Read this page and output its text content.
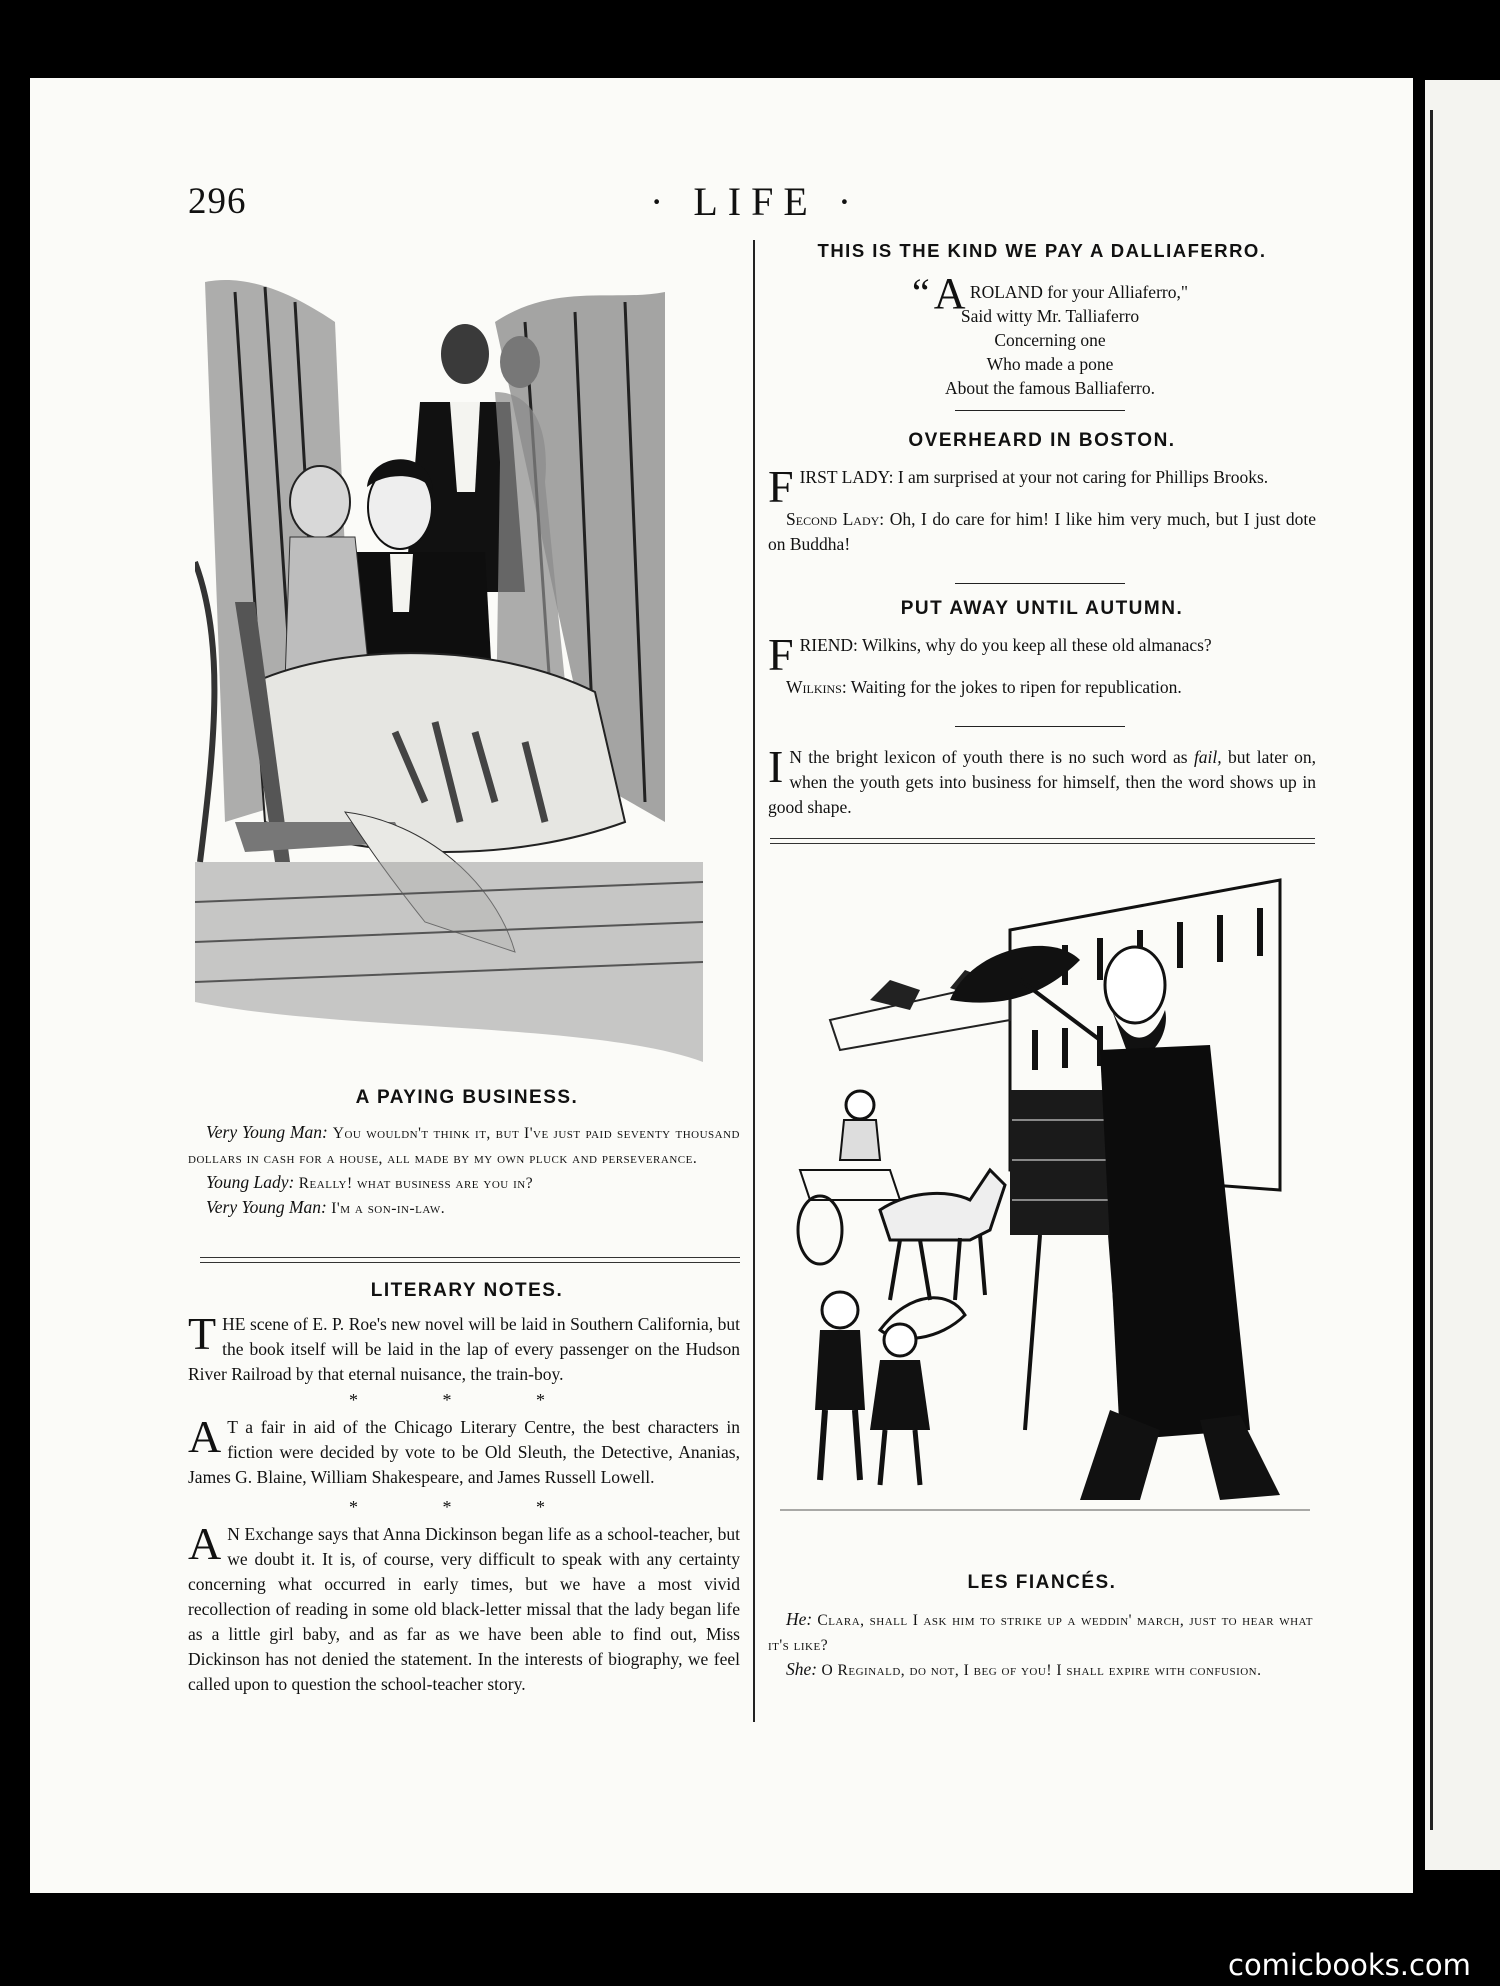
296	· LIFE ·
A PAYING BUSINESS.
Very Young Man: You wouldn't think it, but I've just paid seventy thousand dollars in cash for a house, all made by my own pluck and perseverance.
Young Lady: Really! what business are you in?
Very Young Man: I'm a son-in-law.
LITERARY NOTES.
THE scene of E. P. Roe's new novel will be laid in Southern California, but the book itself will be laid in the lap of every passenger on the Hudson River Railroad by that eternal nuisance, the train-boy.
* * *
A T a fair in aid of the Chicago Literary Centre, the best characters in fiction were decided by vote to be Old Sleuth, the Detective, Ananias, James G. Blaine, William Shakespeare, and James Russell Lowell.
* * *
A N Exchange says that Anna Dickinson began life as a school-teacher, but we doubt it. It is, of course, very difficult to speak with any certainty concerning what occurred in early times, but we have a most vivid recollection of reading in some old black-letter missal that the lady began life as a little girl baby, and as far as we have been able to find out, Miss Dickinson has not denied the statement. In the interests of biography, we feel called upon to question the school-teacher story.
THIS IS THE KIND WE PAY A DALLIAFERRO.
“A ROLAND for your Alliaferro,"
Said witty Mr. Talliaferro
Concerning one
Who made a pone
About the famous Balliaferro.
OVERHEARD IN BOSTON.
FIRST LADY: I am surprised at your not caring for Phillips Brooks.
Second Lady: Oh, I do care for him! I like him very much, but I just dote on Buddha!
PUT AWAY UNTIL AUTUMN.
FRIEND: Wilkins, why do you keep all these old almanacs?
Wilkins: Waiting for the jokes to ripen for republication.
I N the bright lexicon of youth there is no such word as fail, but later on, when the youth gets into business for himself, then the word shows up in good shape.
LES FIANCÉS.
He: Clara, shall I ask him to strike up a weddin' march, just to hear what it's like?
She: O Reginald, do not, I beg of you! I shall expire with confusion.
comicbooks.com
